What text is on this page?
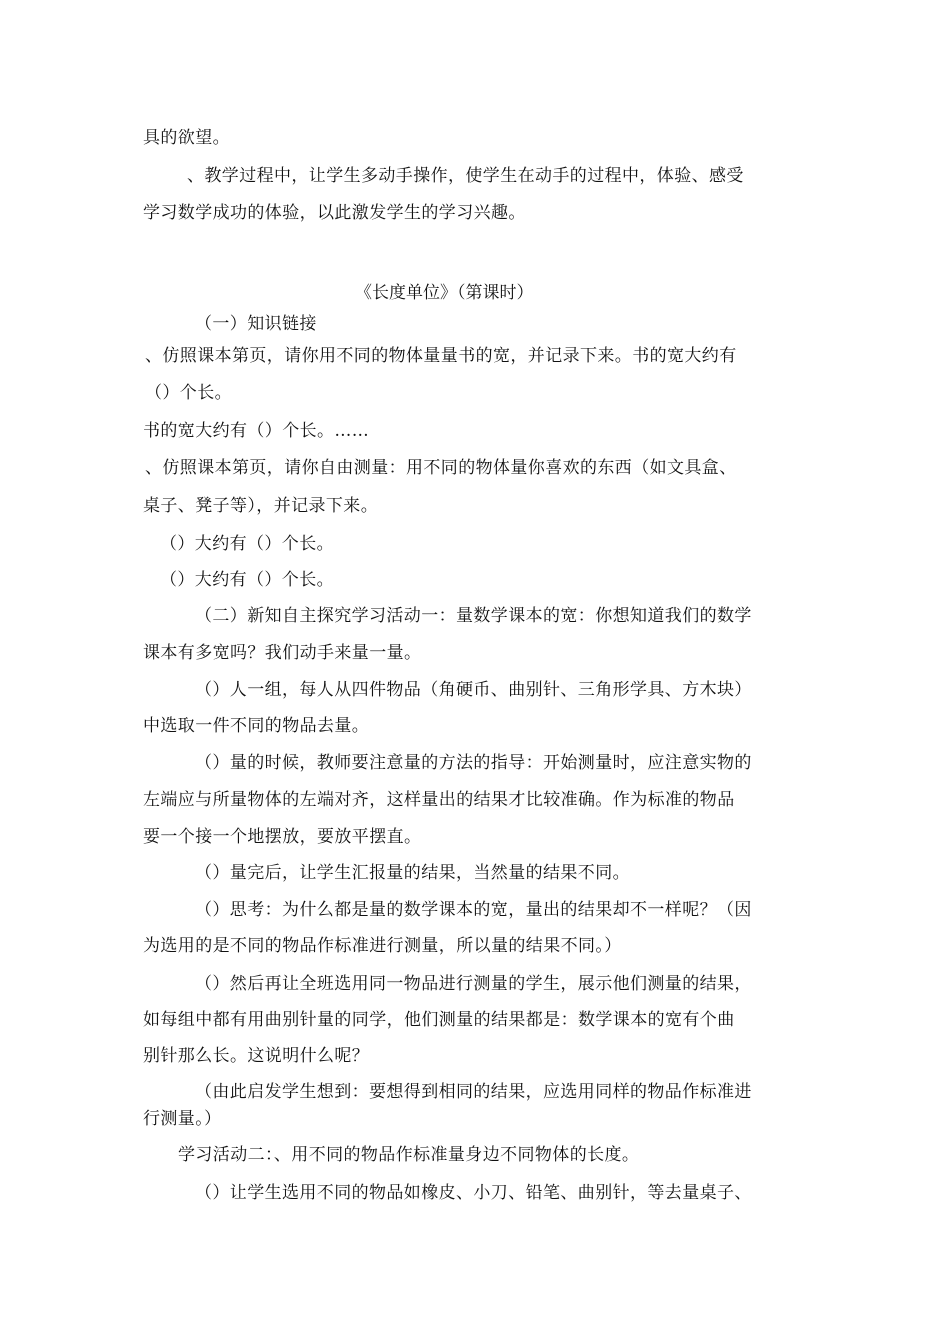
具的欲望。
、教学过程中，让学生多动手操作，使学生在动手的过程中，体验、感受
学习数学成功的体验，以此激发学生的学习兴趣。
《长度单位》（第课时）
（一）知识链接
、仿照课本第页，请你用不同的物体量量书的宽，并记录下来。书的宽大约有
（）个长。
书的宽大约有（）个长。……
、仿照课本第页，请你自由测量：用不同的物体量你喜欢的东西（如文具盒、
桌子、凳子等），并记录下来。
（）大约有（）个长。
（）大约有（）个长。
（二）新知自主探究学习活动一：量数学课本的宽：你想知道我们的数学
课本有多宽吗？我们动手来量一量。
（）人一组，每人从四件物品（角硬币、曲别针、三角形学具、方木块）
中选取一件不同的物品去量。
（）量的时候，教师要注意量的方法的指导：开始测量时，应注意实物的
左端应与所量物体的左端对齐，这样量出的结果才比较准确。作为标准的物品
要一个接一个地摆放，要放平摆直。
（）量完后，让学生汇报量的结果，当然量的结果不同。
（）思考：为什么都是量的数学课本的宽，量出的结果却不一样呢？（因
为选用的是不同的物品作标准进行测量，所以量的结果不同。）
（）然后再让全班选用同一物品进行测量的学生，展示他们测量的结果，
如每组中都有用曲别针量的同学，他们测量的结果都是：数学课本的宽有个曲
别针那么长。这说明什么呢？
（由此启发学生想到：要想得到相同的结果，应选用同样的物品作标准进
行测量。）
学习活动二：、用不同的物品作标准量身边不同物体的长度。
（）让学生选用不同的物品如橡皮、小刀、铅笔、曲别针，等去量桌子、
